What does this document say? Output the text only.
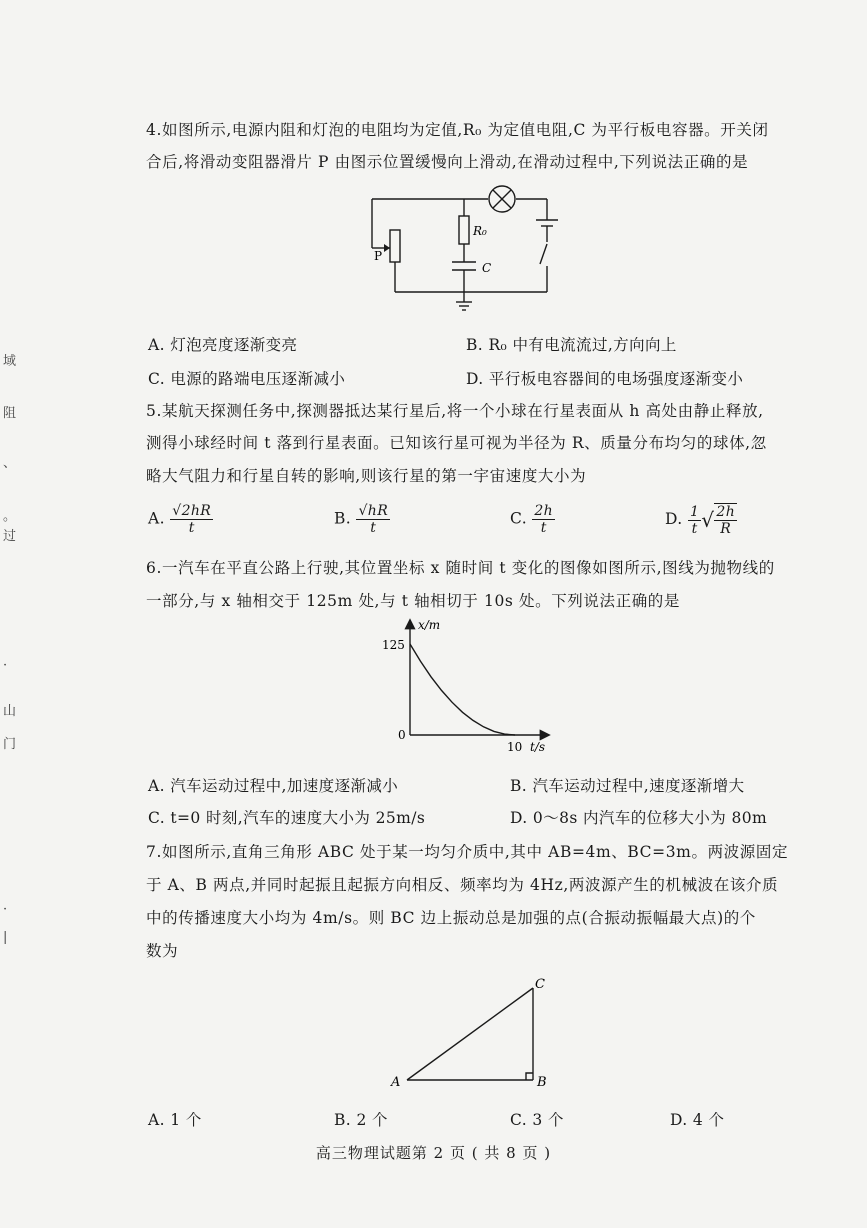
域
阻
、
。
过
·
山
门
·
|
4.如图所示,电源内阻和灯泡的电阻均为定值,R₀ 为定值电阻,C 为平行板电容器。开关闭
合后,将滑动变阻器滑片 P 由图示位置缓慢向上滑动,在滑动过程中,下列说法正确的是
P
R₀
C
A. 灯泡亮度逐渐变亮	B. R₀ 中有电流流过,方向向上
C. 电源的路端电压逐渐减小	D. 平行板电容器间的电场强度逐渐变小
5.某航天探测任务中,探测器抵达某行星后,将一个小球在行星表面从 h 高处由静止释放,
测得小球经时间 t 落到行星表面。已知该行星可视为半径为 R、质量分布均匀的球体,忽
略大气阻力和行星自转的影响,则该行星的第一宇宙速度大小为
A. $\frac{√2hR}{t}$	B. $\frac{√hR}{t}$	C. $\frac{2h}{t}$	D. $\frac{1}{t}$ √ $\frac{2h}{R}$
6.一汽车在平直公路上行驶,其位置坐标 x 随时间 t 变化的图像如图所示,图线为抛物线的
一部分,与 x 轴相交于 125m 处,与 t 轴相切于 10s 处。下列说法正确的是
x/m
t/s
125
10
0
A. 汽车运动过程中,加速度逐渐减小	B. 汽车运动过程中,速度逐渐增大
C. t=0 时刻,汽车的速度大小为 25m/s	D. 0～8s 内汽车的位移大小为 80m
7.如图所示,直角三角形 ABC 处于某一均匀介质中,其中 AB=4m、BC=3m。两波源固定
于 A、B 两点,并同时起振且起振方向相反、频率均为 4Hz,两波源产生的机械波在该介质
中的传播速度大小均为 4m/s。则 BC 边上振动总是加强的点(合振动振幅最大点)的个
数为
A	B
C
A. 1 个	B. 2 个	C. 3 个	D. 4 个
高三物理试题第 2 页 ( 共 8 页 )
